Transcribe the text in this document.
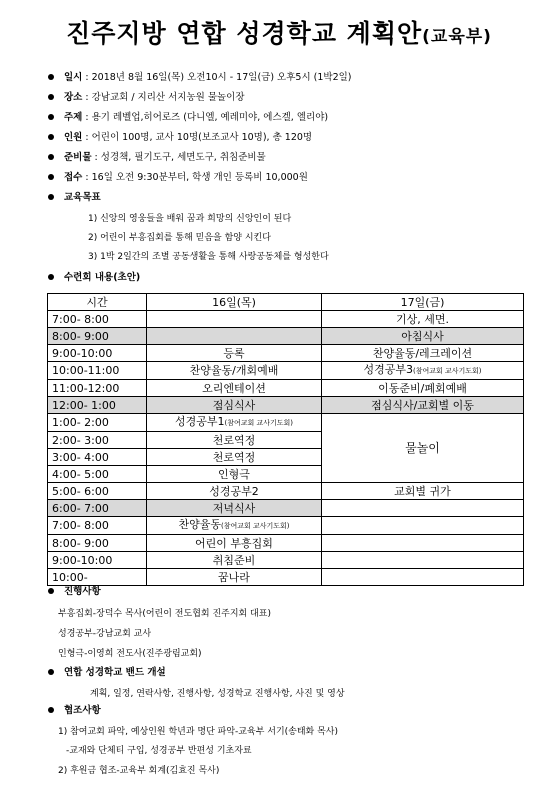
진주지방 연합 성경학교 계획안(교육부)
일시 : 2018년 8월 16일(목) 오전10시 - 17일(금) 오후5시 (1박2일)
장소 : 강남교회 / 지리산 서지농원 물놀이장
주제 : 용기 레벨업,히어로즈 (다니엘, 예레미야, 에스겔, 엘리야)
인원 : 어린이 100명, 교사 10명(보조교사 10명), 총 120명
준비물 : 성경책, 필기도구, 세면도구, 취침준비물
접수 : 16일 오전 9:30분부터, 학생 개인 등록비 10,000원
교육목표
1) 신앙의 영웅들을 배워 꿈과 희망의 신앙인이 된다
2) 어린이 부흥집회를 통해 믿음을 함양 시킨다
3) 1박 2일간의 조별 공동생활을 통해 사랑공동체를 형성한다
수련회 내용(초안)
시간	16일(목)	17일(금)
7:00- 8:00		기상, 세면.
8:00- 9:00		아침식사
9:00-10:00	등록	찬양율동/레크레이션
10:00-11:00	찬양율동/개회예배	성경공부3(참여교회 교사기도회)
11:00-12:00	오리엔테이션	이동준비/폐회예배
12:00- 1:00	점심식사	점심식사/교회별 이동
1:00- 2:00	성경공부1(참여교회 교사기도회)	물놀이
2:00- 3:00	천로역정	
3:00- 4:00	천로역정	
4:00- 5:00	인형극	
5:00- 6:00	성경공부2	교회별 귀가
6:00- 7:00	저녁식사	
7:00- 8:00	찬양율동(참여교회 교사기도회)	
8:00- 9:00	어린이 부흥집회	
9:00-10:00	취침준비	
10:00-	꿈나라	
진행사항
부흥집회-장덕수 목사(어린이 전도협회 진주지회 대표)
성경공부-강남교회 교사
인형극-이영희 전도사(진주광림교회)
연합 성경학교 밴드 개설
계획, 일정, 연락사항, 진행사항, 성경학교 진행사항, 사진 및 영상
협조사항
1) 참여교회 파악, 예상인원 학년과 명단 파악-교육부 서기(송태화 목사)
-교재와 단체티 구입, 성경공부 반편성 기초자료
2) 후원금 협조-교육부 회계(김효진 목사)
